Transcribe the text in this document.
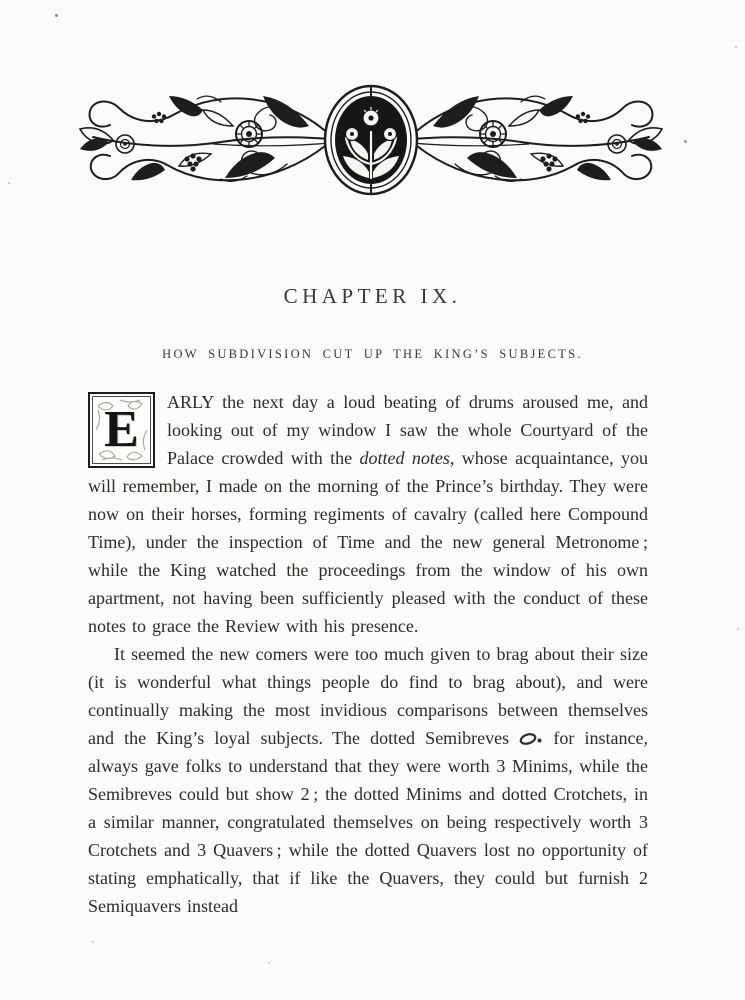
CHAPTER IX.
HOW SUBDIVISION CUT UP THE KING’S SUBJECTS.

E	ARLY the next day a loud beating of drums aroused me, and looking out of my window I saw the whole Courtyard of the Palace crowded with the dotted notes, whose acquaintance, you will remember, I made on the morning of the Prince’s birthday. They were now on their horses, forming regiments of cavalry (called here Compound Time), under the inspection of Time and the new general Metronome ; while the King watched the proceedings from the window of his own apartment, not having been sufficiently pleased with the conduct of these notes to grace the Review with his presence.

It seemed the new comers were too much given to brag about their size (it is wonderful what things people do find to brag about), and were continually making the most invidious comparisons between themselves and the King’s loyal subjects. The dotted Semibreves
for instance, always gave folks to understand that they were worth 3 Minims, while the Semibreves could but show 2 ; the dotted Minims and dotted Crotchets, in a similar manner, congratulated themselves on being respectively worth 3 Crotchets and 3 Quavers ; while the dotted Quavers lost no opportunity of stating emphatically, that if like the Quavers, they could but furnish 2 Semiquavers instead
